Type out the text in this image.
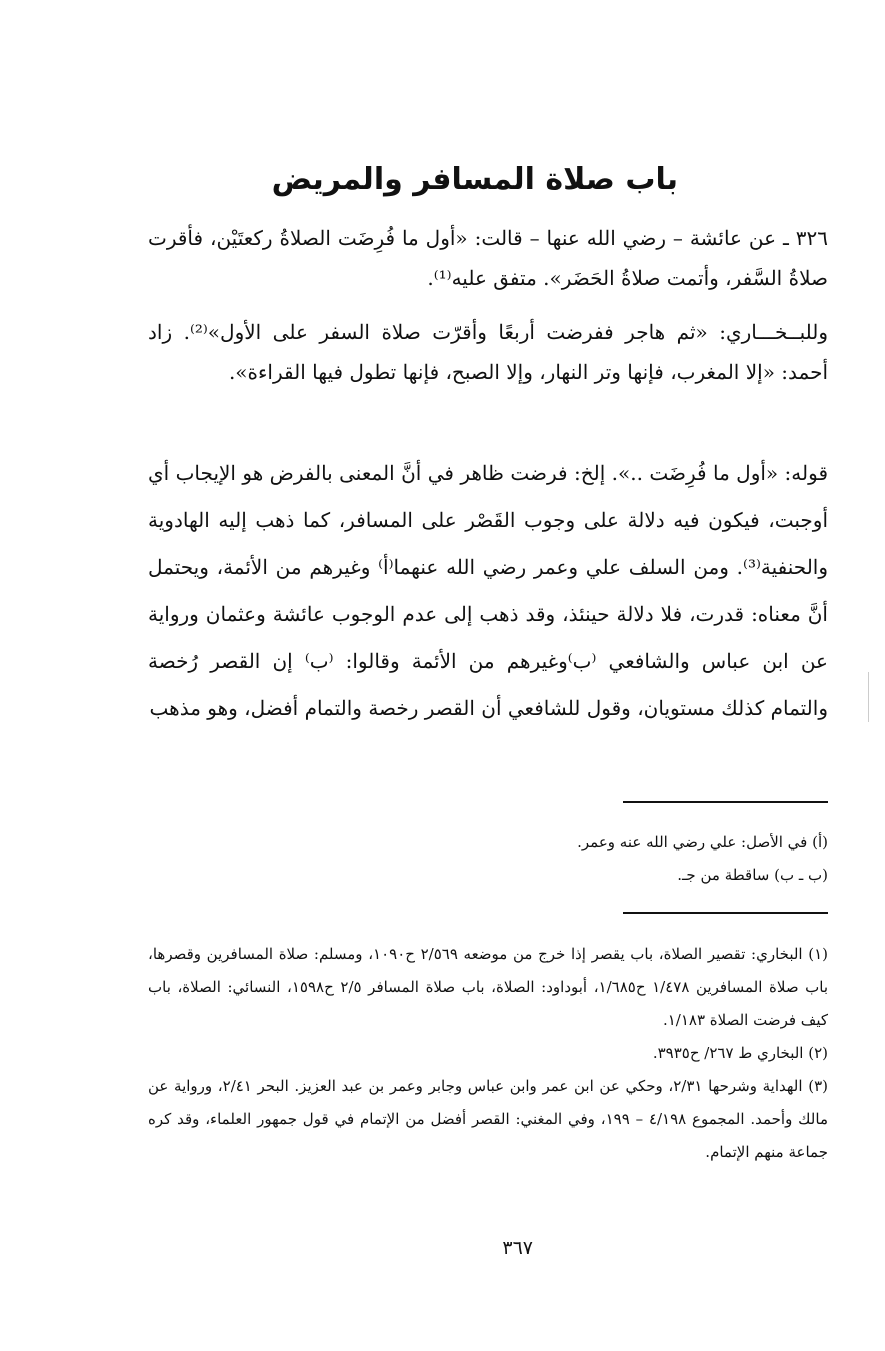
باب صلاة المسافر والمريض

٣٢٦ ـ عن عائشة – رضي الله عنها – قالت: «أول ما فُرِضَت الصلاةُ ركعتَيْن، فأقرت صلاةُ السَّفر، وأتمت صلاةُ الحَضَر». متفق عليه⁽¹⁾.

وللبــخـــاري: «ثم هاجر ففرضت أربعًا وأقرّت صلاة السفر على الأول»⁽²⁾. زاد أحمد: «إلا المغرب، فإنها وتر النهار، وإلا الصبح، فإنها تطول فيها القراءة».

قوله: «أول ما فُرِضَت ..». إلخ: فرضت ظاهر في أنَّ المعنى بالفرض هو الإيجاب أي أوجبت، فيكون فيه دلالة على وجوب القَصْر على المسافر، كما ذهب إليه الهادوية والحنفية⁽³⁾. ومن السلف علي وعمر رضي الله عنهما⁽أ⁾ وغيرهم من الأئمة، ويحتمل أنَّ معناه: قدرت، فلا دلالة حينئذ، وقد ذهب إلى عدم الوجوب عائشة وعثمان ورواية عن ابن عباس والشافعي ⁽ب⁾وغيرهم من الأئمة وقالوا: ⁽ب⁾ إن القصر رُخصة والتمام كذلك مستويان، وقول للشافعي أن القصر رخصة والتمام أفضل، وهو مذهب

(أ) في الأصل: علي رضي الله عنه وعمر.
(ب ـ ب) ساقطة من جـ.

(١) البخاري: تقصير الصلاة، باب يقصر إذا خرج من موضعه ٢/٥٦٩ ح١٠٩٠، ومسلم: صلاة المسافرين وقصرها، باب صلاة المسافرين ١/٤٧٨ ح١/٦٨٥، أبوداود: الصلاة، باب صلاة المسافر ٢/٥ ح١٥٩٨، النسائي: الصلاة، باب كيف فرضت الصلاة ١/١٨٣.

(٢) البخاري ط ٢٦٧/ ح٣٩٣٥.

(٣) الهداية وشرحها ٢/٣١، وحكي عن ابن عمر وابن عباس وجابر وعمر بن عبد العزيز. البحر ٢/٤١، ورواية عن مالك وأحمد. المجموع ٤/١٩٨ – ١٩٩، وفي المغني: القصر أفضل من الإتمام في قول جمهور العلماء، وقد كره جماعة منهم الإتمام.

٣٦٧
